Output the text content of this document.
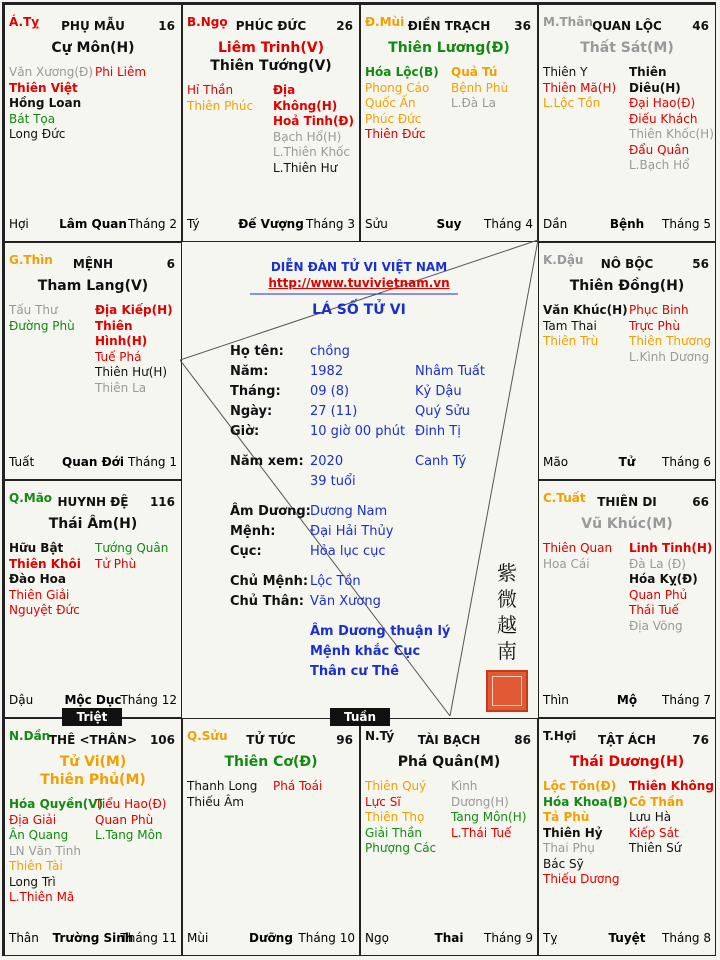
Á.Tỵ	PHỤ MẪU	16
Cự Môn(H)
Văn Xương(Đ)
Thiên Việt
Hồng Loan
Bát Tọa
Long Đức
Phi Liêm
Hợi	Lâm Quan Tháng 2
B.Ngọ PHÚC ĐỨC	26
Liêm Trinh(V)
Thiên Tướng(V)
Hỉ Thần
Thiên Phúc
Địa Không(H)
Hoả Tinh(Đ)
Bạch Hổ(H)
L.Thiên Khốc
L.Thiên Hư
Tý	Đế Vượng Tháng 3
Đ.Mùi ĐIỀN TRẠCH	36
Thiên Lương(Đ)
Hóa Lộc(B)
Phong Cáo
Quốc Ấn
Phúc Đức
Thiên Đức
Quả Tú
Bệnh Phù
L.Đà La
Sửu	Suy	Tháng 4
M.Thân QUAN LỘC	46
Thất Sát(M)
Thiên Y
Thiên Mã(H)
L.Lộc Tồn
Thiên Diêu(H)
Đại Hao(Đ)
Điếu Khách
Thiên Khốc(H)
Đẩu Quân
L.Bạch Hổ
Dần	Bệnh	Tháng 5
G.Thìn	MỆNH	6
Tham Lang(V)
Tấu Thư
Đường Phù
Địa Kiếp(H)
Thiên Hình(H)
Tuế Phá
Thiên Hư(H)
Thiên La
Tuất	Quan Đới Tháng 1
K.Dậu	NÔ BỘC	56
Thiên Đồng(H)
Văn Khúc(H)
Tam Thai
Thiên Trù
Phục Binh
Trực Phù
Thiên Thương
L.Kình Dương
Mão	Tử	Tháng 6
Q.Mão HUYNH ĐỆ	116
Thái Âm(H)
Hữu Bật
Thiên Khôi
Đào Hoa
Thiên Giải
Nguyệt Đức
Tướng Quân
Tử Phù
Dậu	Mộc Dục
Tháng 12
C.Tuất THIÊN DI	66
Vũ Khúc(M)
Thiên Quan
Hoa Cái
Linh Tinh(H)
Đà La (Đ)
Hóa Kỵ(Đ)
Quan Phủ
Thái Tuế
Địa Võng
Thìn	Mộ	Tháng 7
N.Dần
THÊ <THÂN>	106
Tử Vi(M)
Thiên Phủ(M)
Hóa Quyền(V)
Địa Giải
Ân Quang
LN Văn Tinh
Thiên Tài
Long Trì
L.Thiên Mã
Tiểu Hao(Đ)
Quan Phù
L.Tang Môn
Thân	Trường Sinh
Tháng 11
Q.Sửu	TỬ TỨC	96
Thiên Cơ(Đ)
Thanh Long
Thiếu Âm
Phá Toái
Mùi	Dưỡng Tháng 10
N.Tý	TÀI BẠCH	86
Phá Quân(M)
Thiên Quý
Lực Sĩ
Thiên Thọ
Giải Thần
Phượng Các
Kình Dương(H)
Tang Môn(H)
L.Thái Tuế
Ngọ	Thai	Tháng 9
T.Hợi	TẬT ÁCH	76
Thái Dương(H)
Lộc Tồn(Đ)
Hóa Khoa(B)
Tả Phù
Thiên Hỷ
Thai Phụ
Bác Sỹ
Thiếu Dương
Thiên Không
Cô Thần
Lưu Hà
Kiếp Sát
Thiên Sứ
Tỵ	Tuyệt	Tháng 8
DIỄN ĐÀN TỬ VI VIỆT NAM
http://www.tuvivietnam.vn
LÁ SỐ TỬ VI
Họ tên: chồng
Năm:	1982	Nhâm Tuất
Tháng: 09 (8)	Kỷ Dậu
Ngày:	27 (11)	Quý Sửu
Giờ:	10 giờ 00 phút Đinh Tị
Năm xem: 2020	Canh Tý
39 tuổi
Âm Dương: Dương Nam
Mệnh:	Đại Hải Thủy
Cục:	Hỏa lục cục
Chủ Mệnh: Lộc Tồn
Chủ Thân: Văn Xương
Âm Dương thuận lý
Mệnh khắc Cục
Thân cư Thê
紫
微
越
南
Triệt	Tuần
